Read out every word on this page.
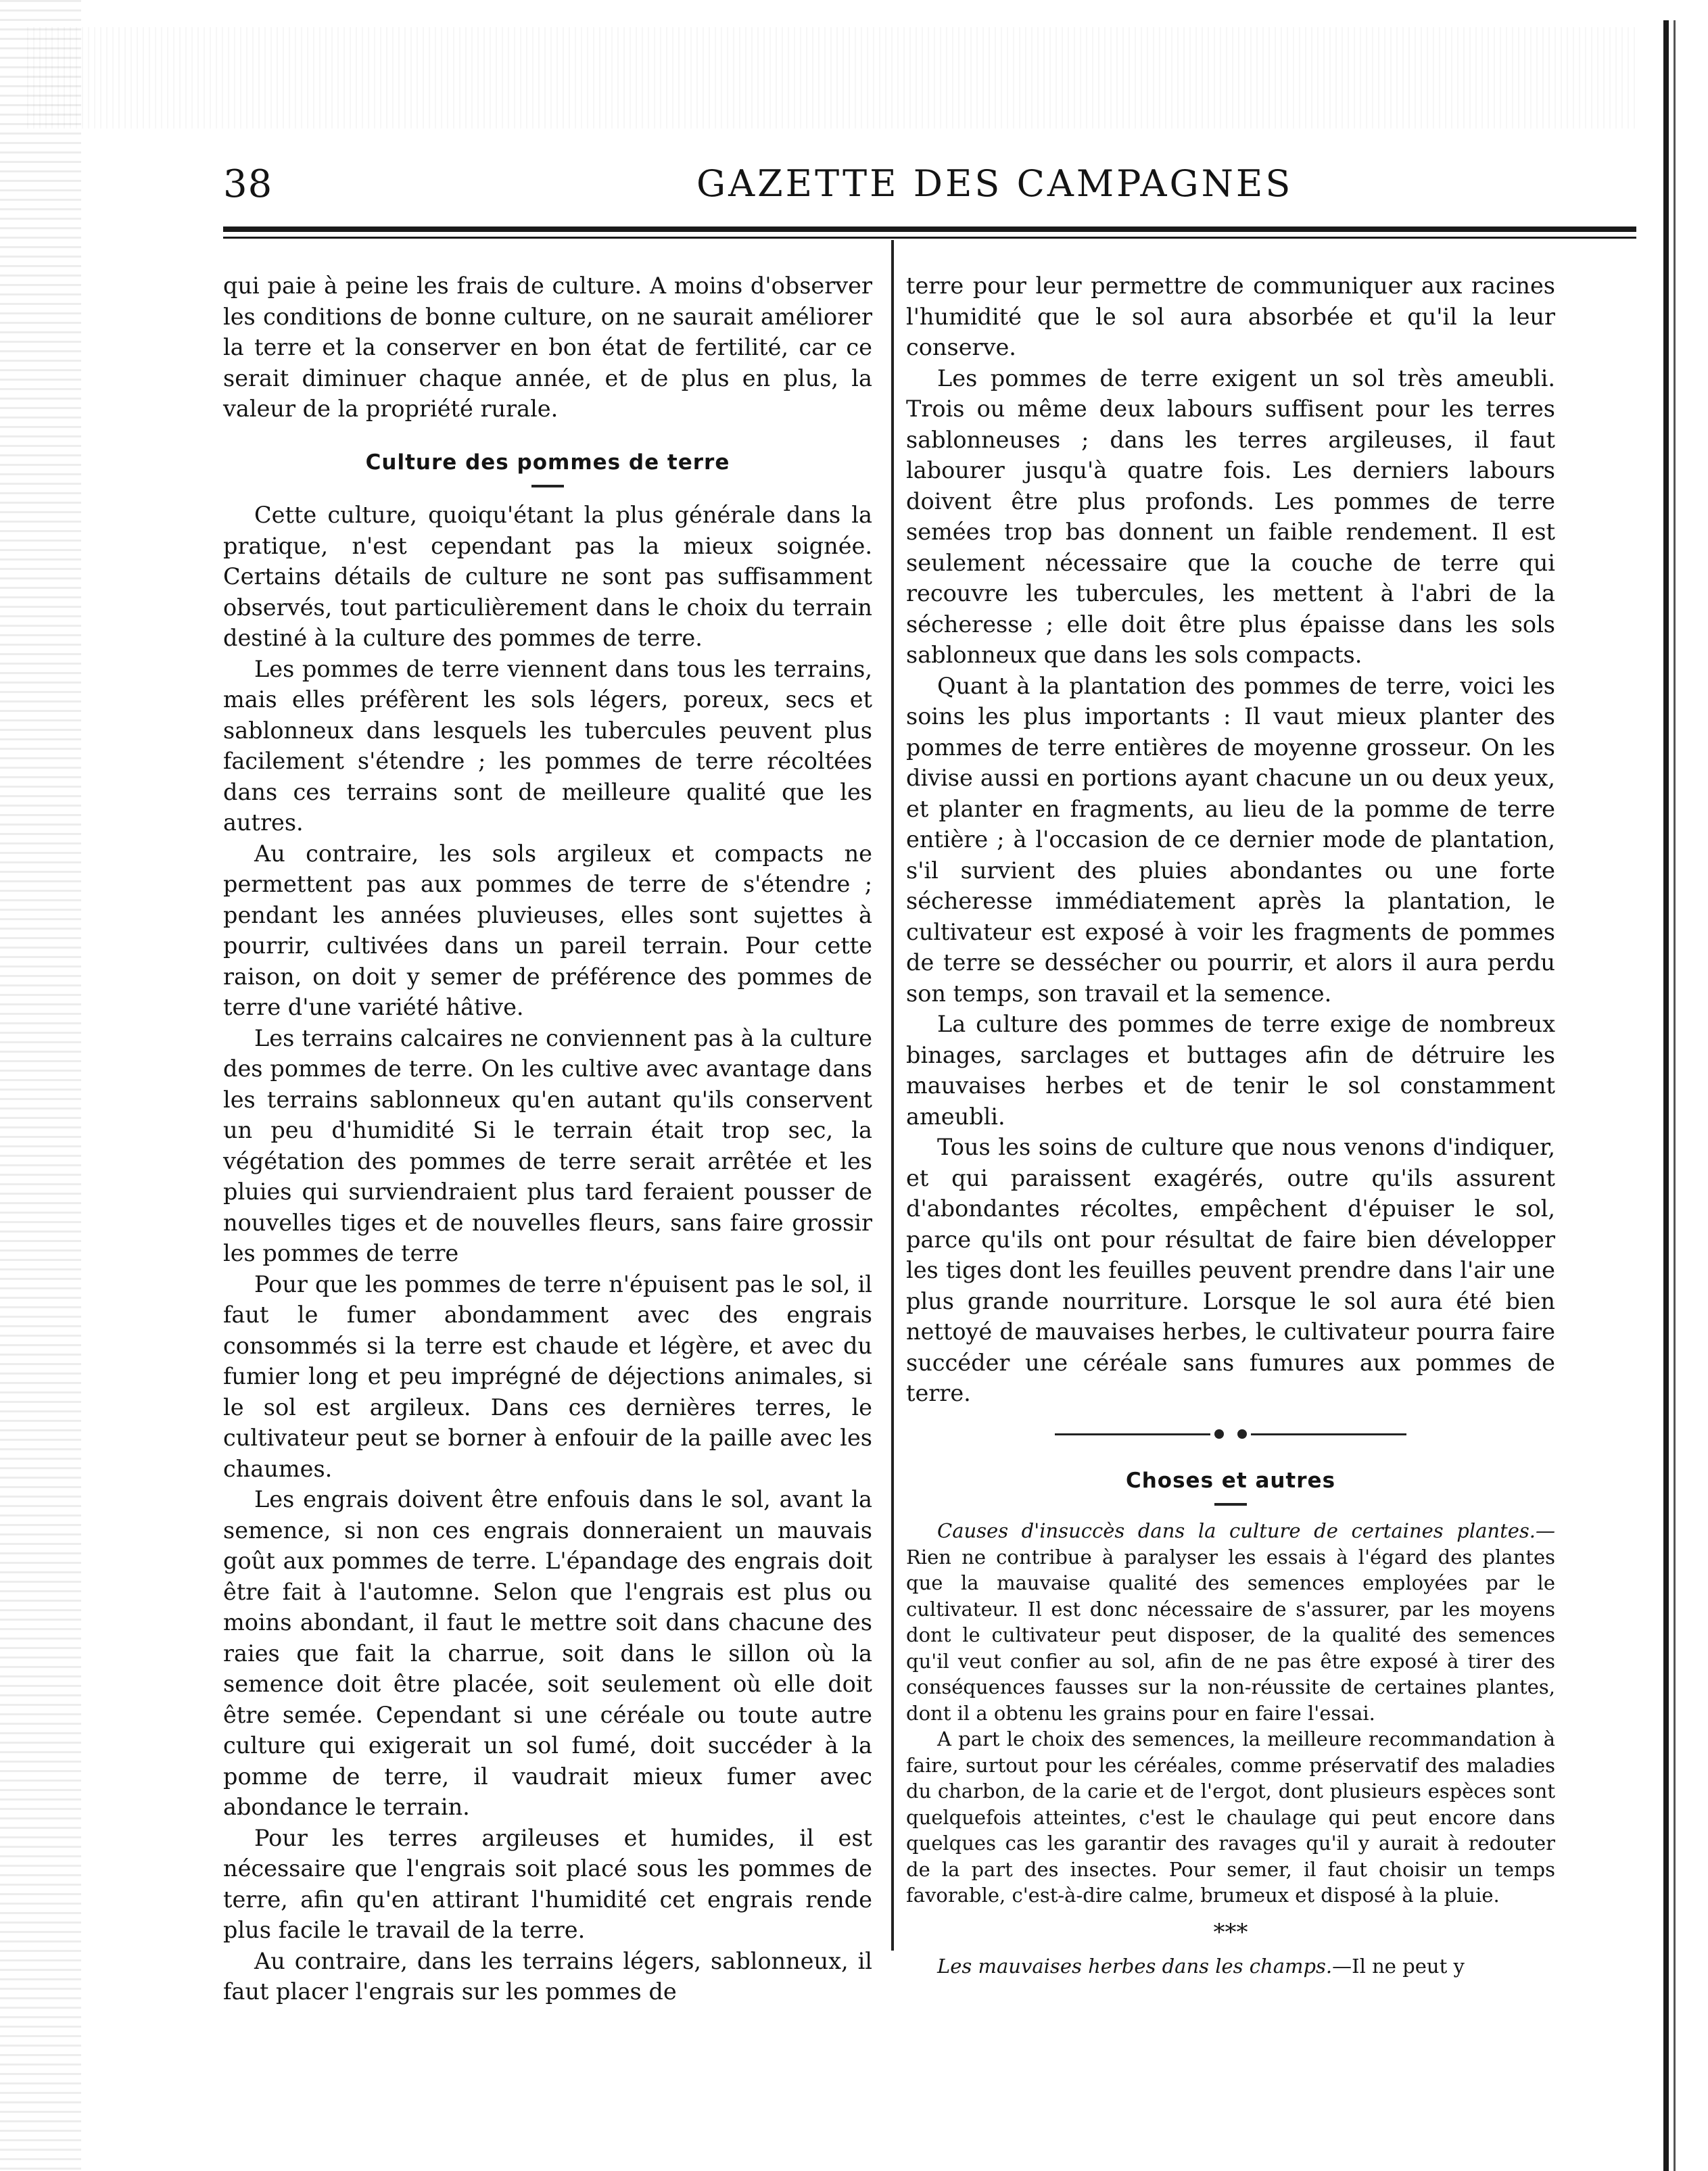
38	GAZETTE DES CAMPAGNES

qui paie à peine les frais de culture. A moins d'observer les conditions de bonne culture, on ne saurait améliorer la terre et la conserver en bon état de fertilité, car ce serait diminuer chaque année, et de plus en plus, la valeur de la propriété rurale.

Culture des pommes de terre

Cette culture, quoiqu'étant la plus générale dans la pratique, n'est cependant pas la mieux soignée. Certains détails de culture ne sont pas suffisamment observés, tout particulièrement dans le choix du terrain destiné à la culture des pommes de terre.

Les pommes de terre viennent dans tous les terrains, mais elles préfèrent les sols légers, poreux, secs et sablonneux dans lesquels les tubercules peuvent plus facilement s'étendre ; les pommes de terre récoltées dans ces terrains sont de meilleure qualité que les autres.

Au contraire, les sols argileux et compacts ne permettent pas aux pommes de terre de s'étendre ; pendant les années pluvieuses, elles sont sujettes à pourrir, cultivées dans un pareil terrain. Pour cette raison, on doit y semer de préférence des pommes de terre d'une variété hâtive.

Les terrains calcaires ne conviennent pas à la culture des pommes de terre. On les cultive avec avantage dans les terrains sablonneux qu'en autant qu'ils conservent un peu d'humidité Si le terrain était trop sec, la végétation des pommes de terre serait arrêtée et les pluies qui surviendraient plus tard feraient pousser de nouvelles tiges et de nouvelles fleurs, sans faire grossir les pommes de terre

Pour que les pommes de terre n'épuisent pas le sol, il faut le fumer abondamment avec des engrais consommés si la terre est chaude et légère, et avec du fumier long et peu imprégné de déjections animales, si le sol est argileux. Dans ces dernières terres, le cultivateur peut se borner à enfouir de la paille avec les chaumes.

Les engrais doivent être enfouis dans le sol, avant la semence, si non ces engrais donneraient un mauvais goût aux pommes de terre. L'épandage des engrais doit être fait à l'automne. Selon que l'engrais est plus ou moins abondant, il faut le mettre soit dans chacune des raies que fait la charrue, soit dans le sillon où la semence doit être placée, soit seulement où elle doit être semée. Cependant si une céréale ou toute autre culture qui exigerait un sol fumé, doit succéder à la pomme de terre, il vaudrait mieux fumer avec abondance le terrain.

Pour les terres argileuses et humides, il est nécessaire que l'engrais soit placé sous les pommes de terre, afin qu'en attirant l'humidité cet engrais rende plus facile le travail de la terre.

Au contraire, dans les terrains légers, sablonneux, il faut placer l'engrais sur les pommes de

terre pour leur permettre de communiquer aux racines l'humidité que le sol aura absorbée et qu'il la leur conserve.

Les pommes de terre exigent un sol très ameubli. Trois ou même deux labours suffisent pour les terres sablonneuses ; dans les terres argileuses, il faut labourer jusqu'à quatre fois. Les derniers labours doivent être plus profonds. Les pommes de terre semées trop bas donnent un faible rendement. Il est seulement nécessaire que la couche de terre qui recouvre les tubercules, les mettent à l'abri de la sécheresse ; elle doit être plus épaisse dans les sols sablonneux que dans les sols compacts.

Quant à la plantation des pommes de terre, voici les soins les plus importants : Il vaut mieux planter des pommes de terre entières de moyenne grosseur. On les divise aussi en portions ayant chacune un ou deux yeux, et planter en fragments, au lieu de la pomme de terre entière ; à l'occasion de ce dernier mode de plantation, s'il survient des pluies abondantes ou une forte sécheresse immédiatement après la plantation, le cultivateur est exposé à voir les fragments de pommes de terre se dessécher ou pourrir, et alors il aura perdu son temps, son travail et la semence.

La culture des pommes de terre exige de nombreux binages, sarclages et buttages afin de détruire les mauvaises herbes et de tenir le sol constamment ameubli.

Tous les soins de culture que nous venons d'indiquer, et qui paraissent exagérés, outre qu'ils assurent d'abondantes récoltes, empêchent d'épuiser le sol, parce qu'ils ont pour résultat de faire bien développer les tiges dont les feuilles peuvent prendre dans l'air une plus grande nourriture. Lorsque le sol aura été bien nettoyé de mauvaises herbes, le cultivateur pourra faire succéder une céréale sans fumures aux pommes de terre.

Choses et autres

Causes d'insuccès dans la culture de certaines plantes.— Rien ne contribue à paralyser les essais à l'égard des plantes que la mauvaise qualité des semences employées par le cultivateur. Il est donc nécessaire de s'assurer, par les moyens dont le cultivateur peut disposer, de la qualité des semences qu'il veut confier au sol, afin de ne pas être exposé à tirer des conséquences fausses sur la non-réussite de certaines plantes, dont il a obtenu les grains pour en faire l'essai.

A part le choix des semences, la meilleure recommandation à faire, surtout pour les céréales, comme préservatif des maladies du charbon, de la carie et de l'ergot, dont plusieurs espèces sont quelquefois atteintes, c'est le chaulage qui peut encore dans quelques cas les garantir des ravages qu'il y aurait à redouter de la part des insectes. Pour semer, il faut choisir un temps favorable, c'est-à-dire calme, brumeux et disposé à la pluie.

***

Les mauvaises herbes dans les champs.—Il ne peut y
